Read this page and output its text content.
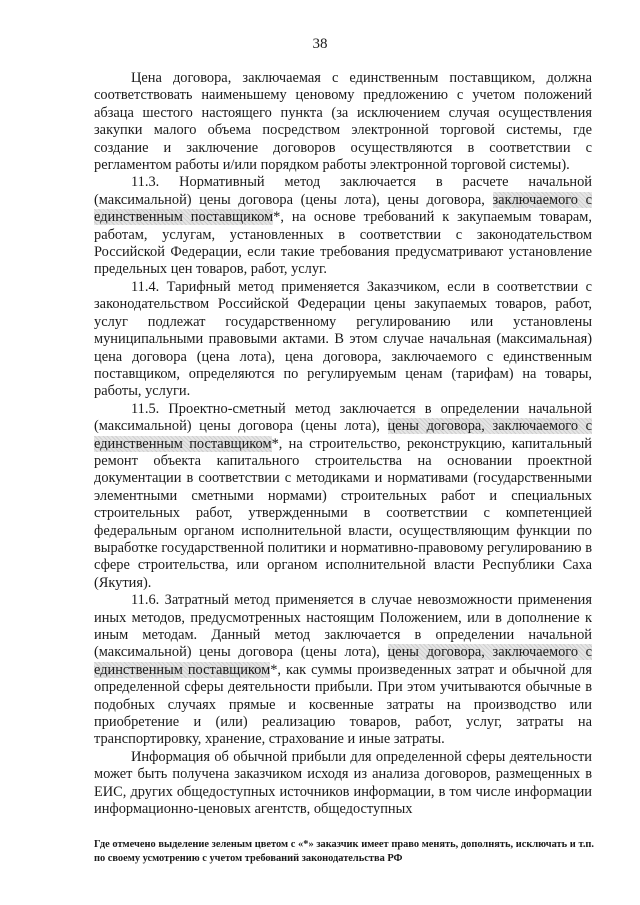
38

Цена договора, заключаемая с единственным поставщиком, должна соответствовать наименьшему ценовому предложению с учетом положений абзаца шестого настоящего пункта (за исключением случая осуществления закупки малого объема посредством электронной торговой системы, где создание и заключение договоров осуществляются в соответствии с регламентом работы и/или порядком работы электронной торговой системы).

11.3. Нормативный метод заключается в расчете начальной (максимальной) цены договора (цены лота), цены договора, заключаемого с единственным поставщиком*, на основе требований к закупаемым товарам, работам, услугам, установленных в соответствии с законодательством Российской Федерации, если такие требования предусматривают установление предельных цен товаров, работ, услуг.

11.4. Тарифный метод применяется Заказчиком, если в соответствии с законодательством Российской Федерации цены закупаемых товаров, работ, услуг подлежат государственному регулированию или установлены муниципальными правовыми актами. В этом случае начальная (максимальная) цена договора (цена лота), цена договора, заключаемого с единственным поставщиком, определяются по регулируемым ценам (тарифам) на товары, работы, услуги.

11.5. Проектно-сметный метод заключается в определении начальной (максимальной) цены договора (цены лота), цены договора, заключаемого с единственным поставщиком*, на строительство, реконструкцию, капитальный ремонт объекта капитального строительства на основании проектной документации в соответствии с методиками и нормативами (государственными элементными сметными нормами) строительных работ и специальных строительных работ, утвержденными в соответствии с компетенцией федеральным органом исполнительной власти, осуществляющим функции по выработке государственной политики и нормативно-правовому регулированию в сфере строительства, или органом исполнительной власти Республики Саха (Якутия).

11.6. Затратный метод применяется в случае невозможности применения иных методов, предусмотренных настоящим Положением, или в дополнение к иным методам. Данный метод заключается в определении начальной (максимальной) цены договора (цены лота), цены договора, заключаемого с единственным поставщиком*, как суммы произведенных затрат и обычной для определенной сферы деятельности прибыли. При этом учитываются обычные в подобных случаях прямые и косвенные затраты на производство или приобретение и (или) реализацию товаров, работ, услуг, затраты на транспортировку, хранение, страхование и иные затраты.

Информация об обычной прибыли для определенной сферы деятельности может быть получена заказчиком исходя из анализа договоров, размещенных в ЕИС, других общедоступных источников информации, в том числе информации информационно-ценовых агентств, общедоступных

Где отмечено выделение зеленым цветом с «*» заказчик имеет право менять, дополнять, исключать и т.п. по своему усмотрению с учетом требований законодательства РФ
